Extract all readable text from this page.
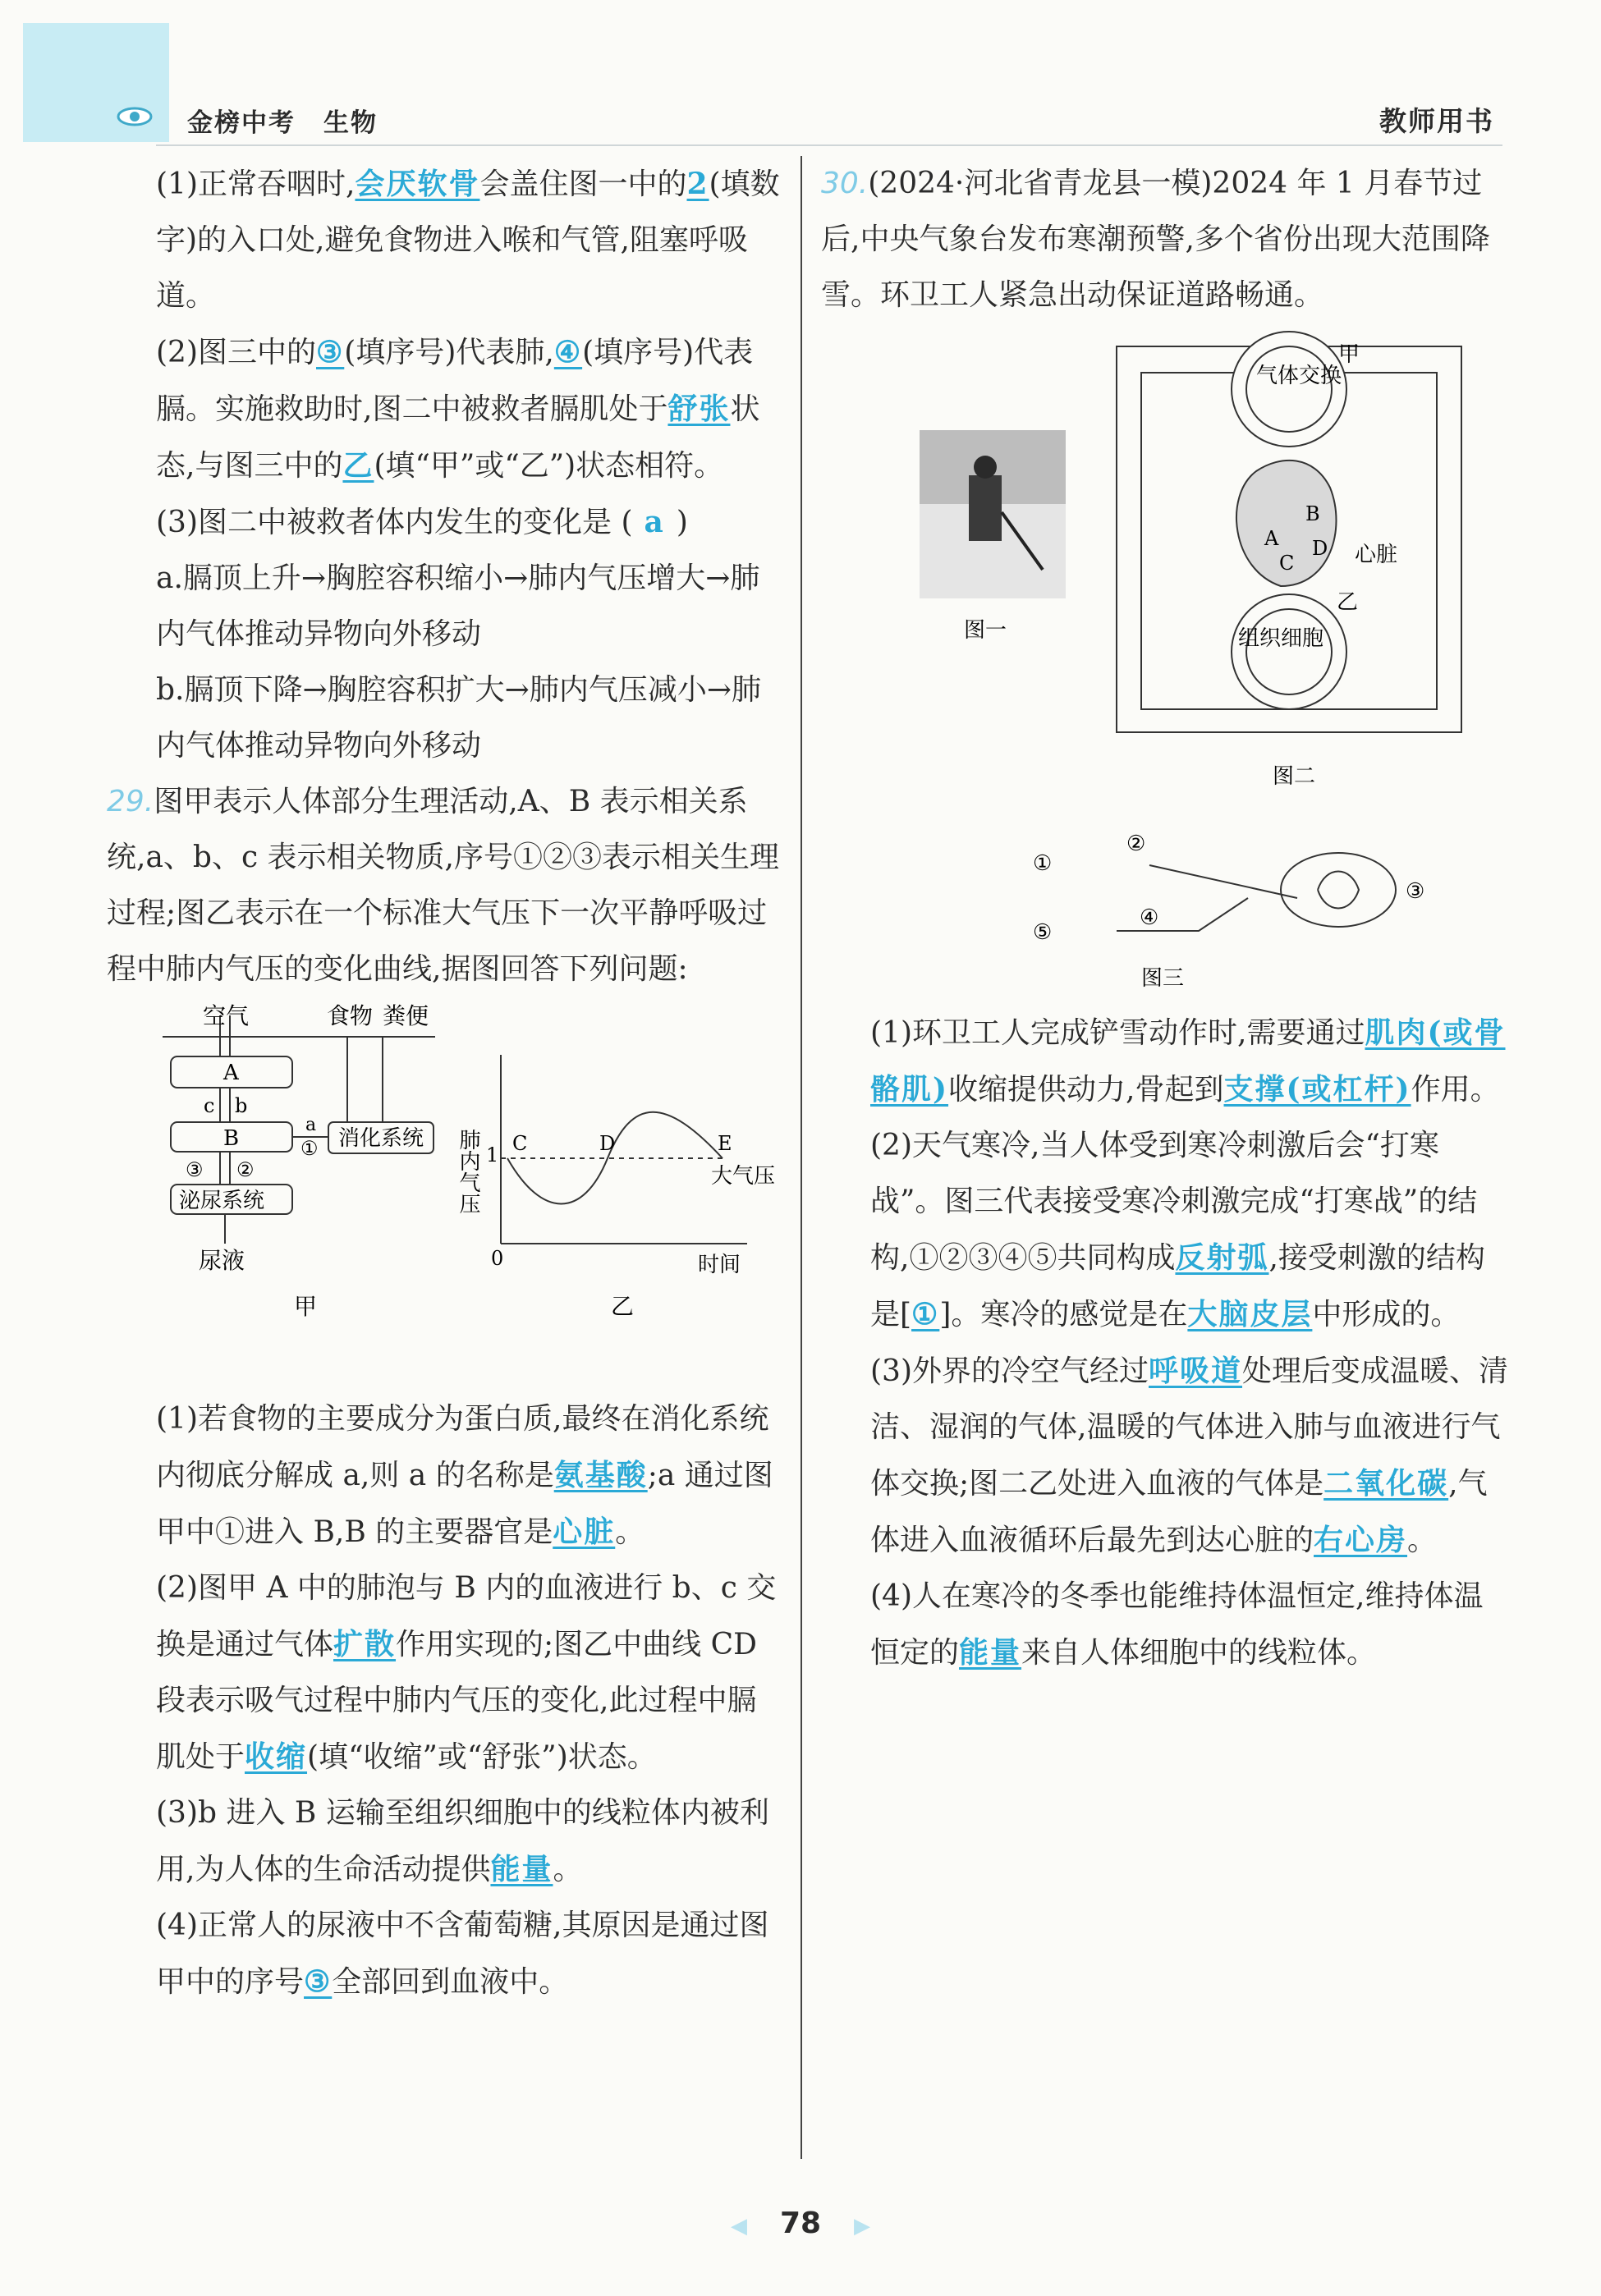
金榜中考 生物	教师用书

(1)正常吞咽时,会厌软骨会盖住图一中的2(填数字)的入口处,避免食物进入喉和气管,阻塞呼吸道。

(2)图三中的③(填序号)代表肺,④(填序号)代表膈。实施救助时,图二中被救者膈肌处于舒张状态,与图三中的乙(填“甲”或“乙”)状态相符。

(3)图二中被救者体内发生的变化是 ( a )

a.膈顶上升→胸腔容积缩小→肺内气压增大→肺内气体推动异物向外移动

b.膈顶下降→胸腔容积扩大→肺内气压减小→肺内气体推动异物向外移动

29.图甲表示人体部分生理活动,A、B 表示相关系统,a、b、c 表示相关物质,序号①②③表示相关生理过程;图乙表示在一个标准大气压下一次平静呼吸过程中肺内气压的变化曲线,据图回答下列问题:

空气	食物 粪便
A
c b
B
a
① 消化系统
③ ②
泌尿系统
尿液
甲
肺内气压 1
0	时间
C	D	E
大气压
乙

(1)若食物的主要成分为蛋白质,最终在消化系统内彻底分解成 a,则 a 的名称是氨基酸;a 通过图甲中①进入 B,B 的主要器官是心脏。

(2)图甲 A 中的肺泡与 B 内的血液进行 b、c 交换是通过气体扩散作用实现的;图乙中曲线 CD 段表示吸气过程中肺内气压的变化,此过程中膈肌处于收缩(填“收缩”或“舒张”)状态。

(3)b 进入 B 运输至组织细胞中的线粒体内被利用,为人体的生命活动提供能量。

(4)正常人的尿液中不含葡萄糖,其原因是通过图甲中的序号③全部回到血液中。

30.(2024·河北省青龙县一模)2024 年 1 月春节过后,中央气象台发布寒潮预警,多个省份出现大范围降雪。环卫工人紧急出动保证道路畅通。

图一
气体交换
甲
A
B
C
D 心脏
乙
组织细胞
图二
①
②
③
④
⑤
图三

(1)环卫工人完成铲雪动作时,需要通过肌肉(或骨骼肌)收缩提供动力,骨起到支撑(或杠杆)作用。

(2)天气寒冷,当人体受到寒冷刺激后会“打寒战”。图三代表接受寒冷刺激完成“打寒战”的结构,①②③④⑤共同构成反射弧,接受刺激的结构是[①]。寒冷的感觉是在大脑皮层中形成的。

(3)外界的冷空气经过呼吸道处理后变成温暖、清洁、湿润的气体,温暖的气体进入肺与血液进行气体交换;图二乙处进入血液的气体是二氧化碳,气体进入血液循环后最先到达心脏的右心房。

(4)人在寒冷的冬季也能维持体温恒定,维持体温恒定的能量来自人体细胞中的线粒体。

◀ 78 ▶
